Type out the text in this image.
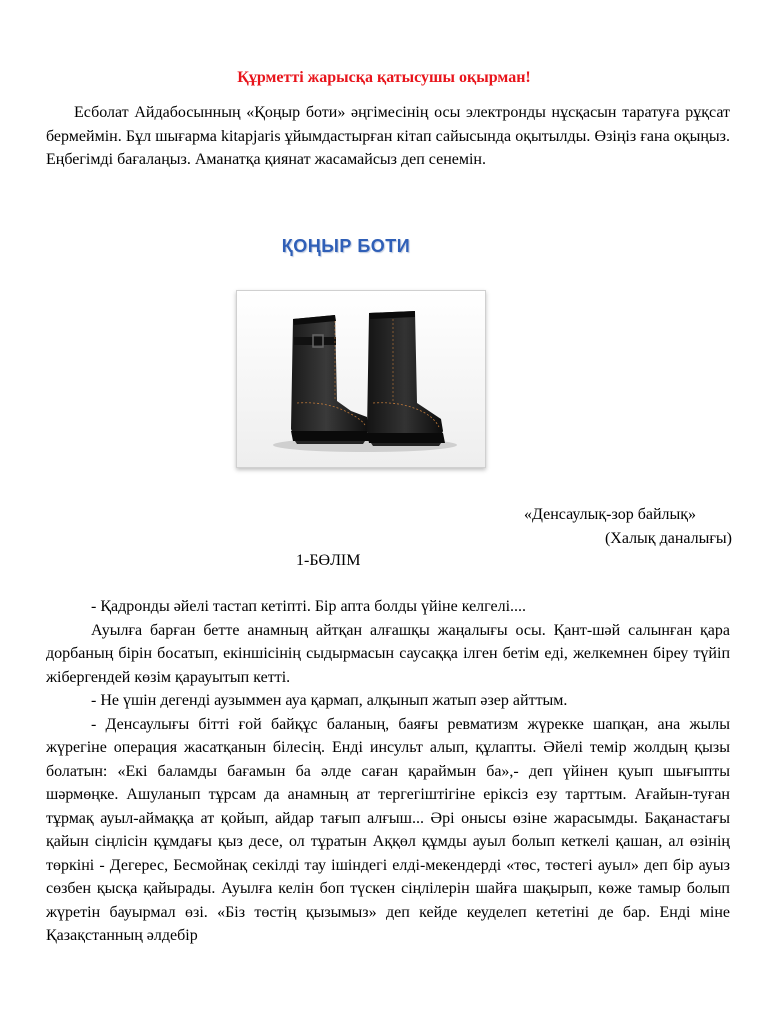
Құрметті жарысқа қатысушы оқырман!

Есболат Айдабосынның «Қоңыр боти» әңгімесінің осы электронды нұсқасын таратуға рұқсат бермеймін. Бұл шығарма kitapjaris ұйымдастырған кітап сайысында оқытылды. Өзіңіз ғана оқыңыз. Еңбегімді бағалаңыз. Аманатқа қиянат жасамайсыз деп сенемін.

ҚОҢЫР БОТИ

«Денсаулық-зор байлық»

(Халық даналығы)

1-БӨЛІМ

- Қадронды әйелі тастап кетіпті. Бір апта болды үйіне келгелі....

Ауылға барған бетте анамның айтқан алғашқы жаңалығы осы. Қант-шәй салынған қара дорбаның бірін босатып, екіншісінің сыдырмасын саусаққа ілген бетім еді, желкемнен біреу түйіп жібергендей көзім қарауытып кетті.

- Не үшін дегенді аузыммен ауа қармап, алқынып жатып әзер айттым.

- Денсаулығы бітті ғой байқұс баланың, баяғы ревматизм жүрекке шапқан, ана жылы жүрегіне операция жасатқанын білесің. Енді инсульт алып, құлапты. Әйелі темір жолдың қызы болатын: «Екі баламды бағамын ба әлде саған қараймын ба»,- деп үйінен қуып шығыпты шәрмөңке. Ашуланып тұрсам да анамның ат тергегіштігіне еріксіз езу тарттым. Ағайын-туған тұрмақ ауыл-аймаққа ат қойып, айдар тағып алғыш... Әрі онысы өзіне жарасымды. Бақанастағы қайын сіңлісін құмдағы қыз десе, ол тұратын Аққөл құмды ауыл болып кеткелі қашан, ал өзінің төркіні - Дегерес, Бесмойнақ секілді тау ішіндегі елді-мекендерді «төс, төстегі ауыл» деп бір ауыз сөзбен қысқа қайырады. Ауылға келін боп түскен сіңлілерін шайға шақырып, көже тамыр болып жүретін бауырмал өзі. «Біз төстің қызымыз» деп кейде кеуделеп кететіні де бар. Енді міне Қазақстанның әлдебір
